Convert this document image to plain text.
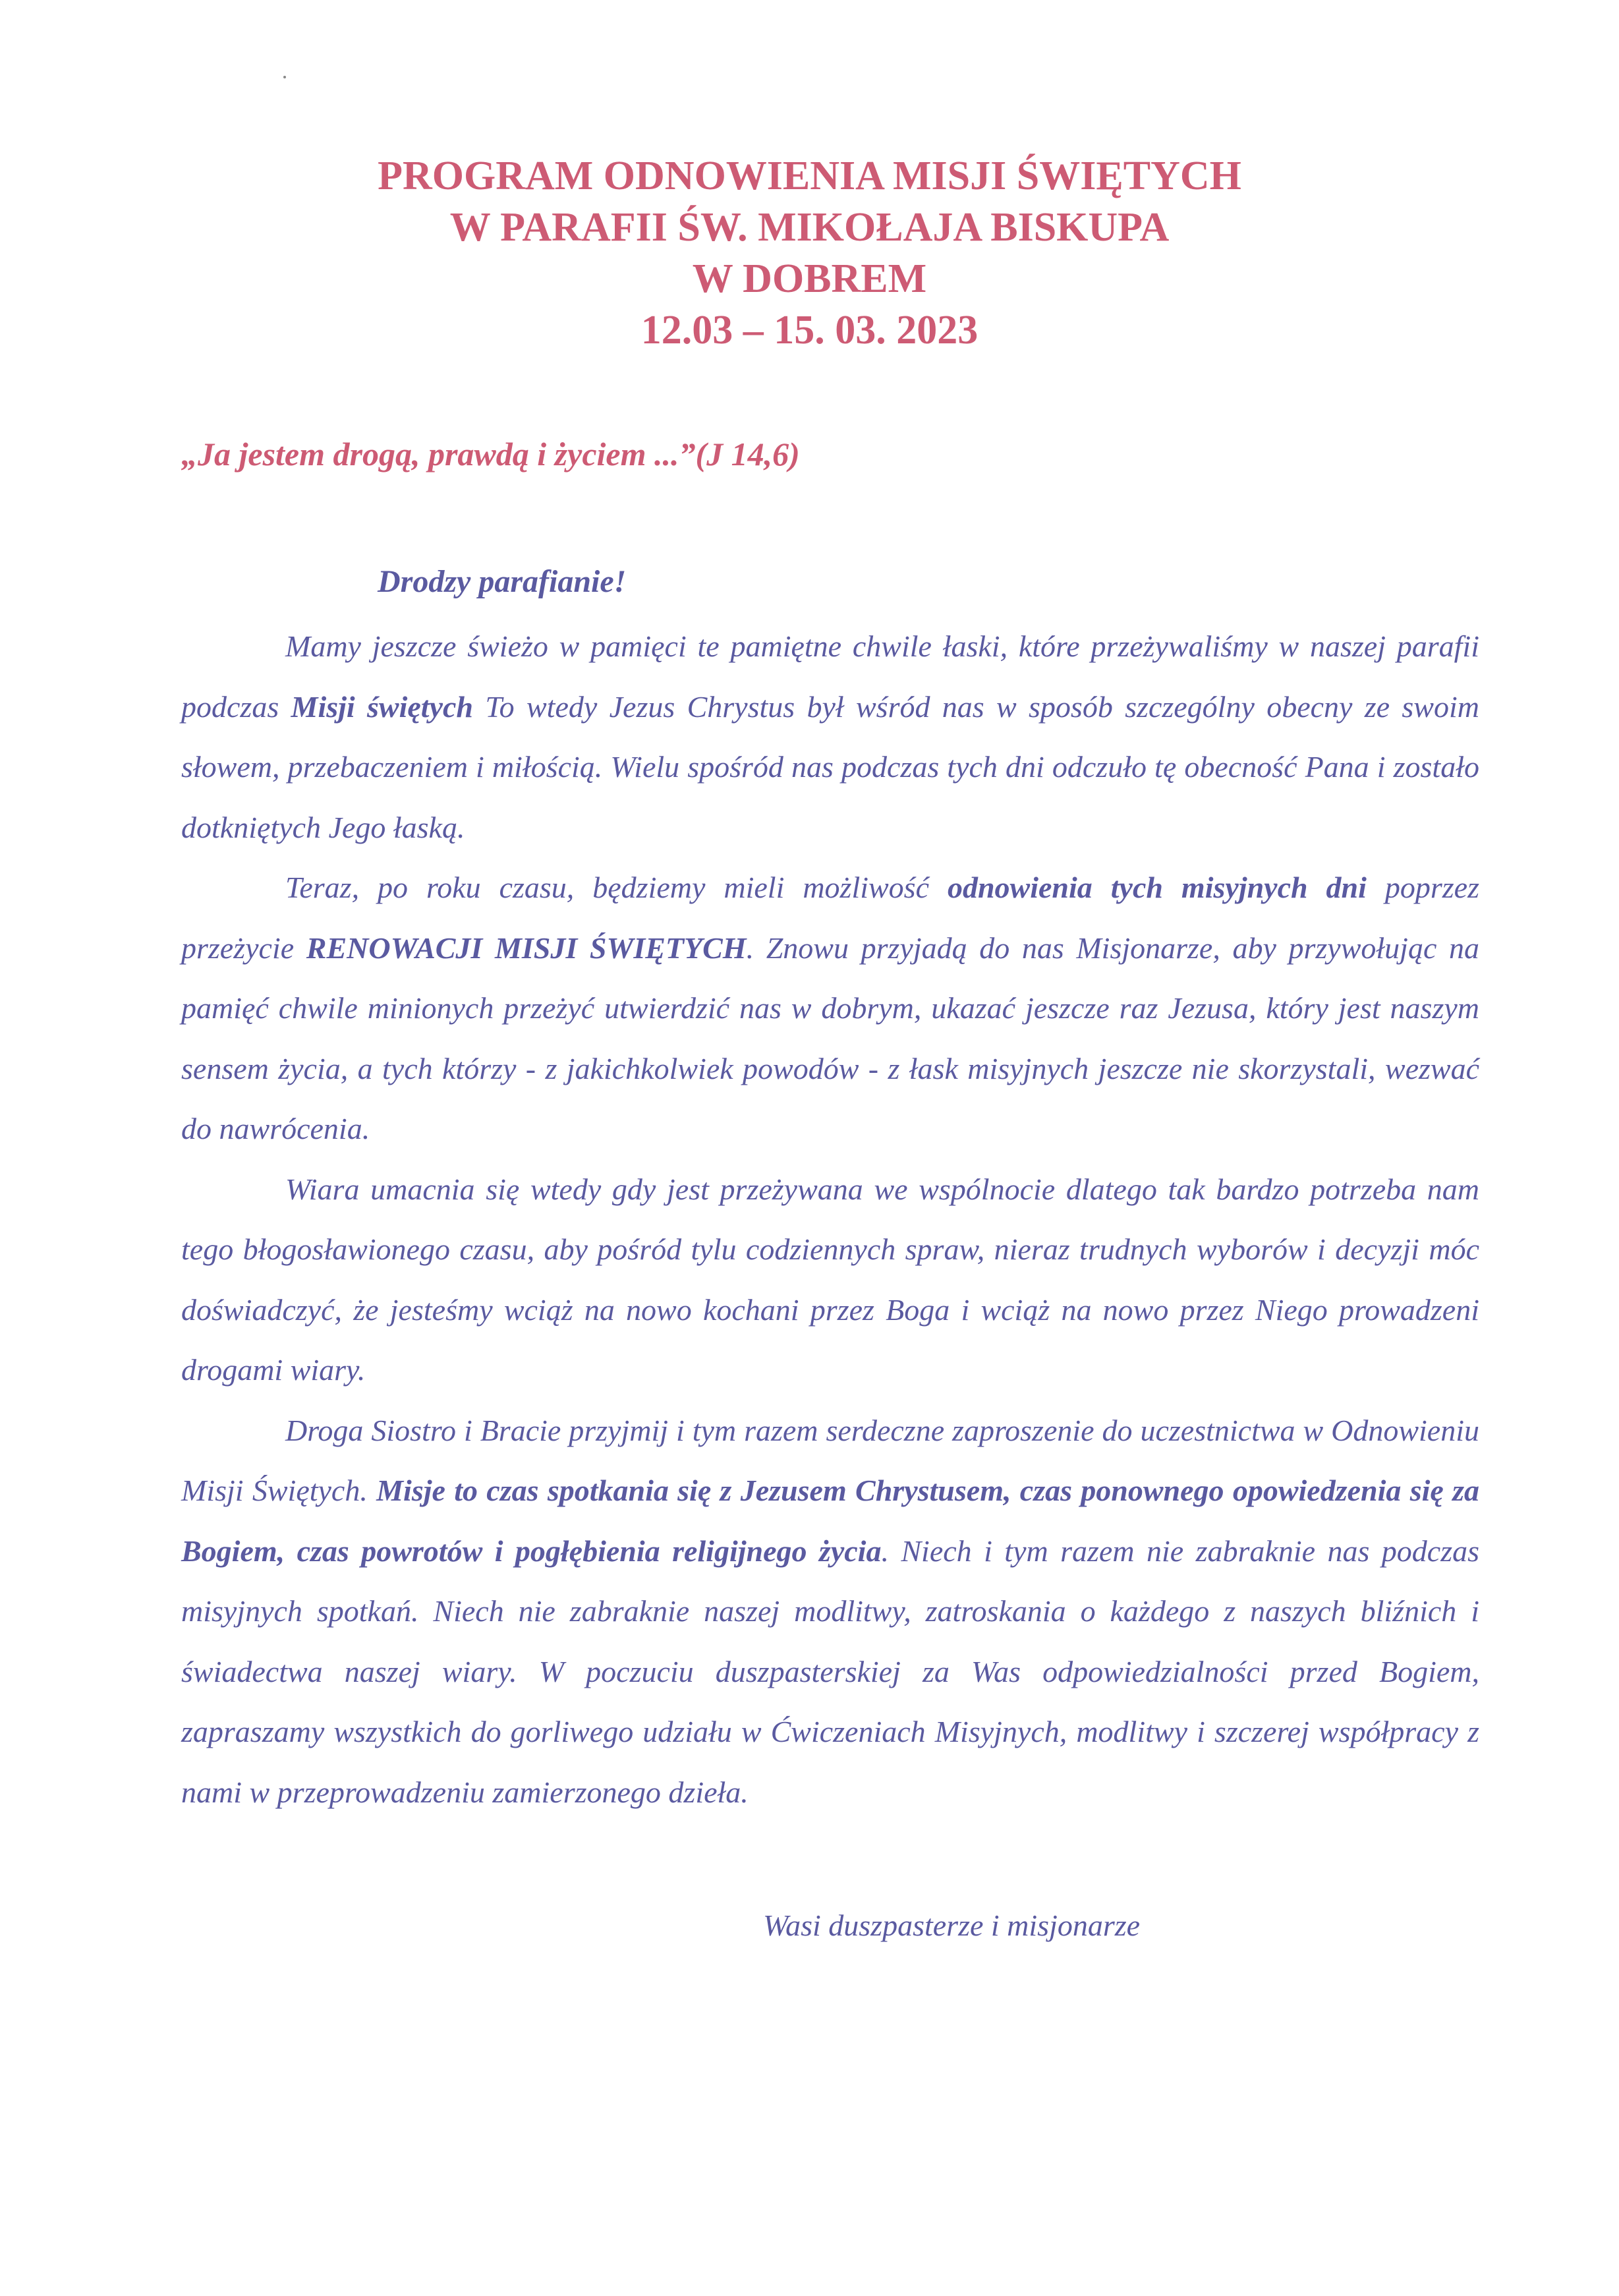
PROGRAM ODNOWIENIA MISJI ŚWIĘTYCH
W PARAFII ŚW. MIKOŁAJA BISKUPA
W DOBREM
12.03 – 15. 03. 2023
„Ja jestem drogą, prawdą i życiem ...”(J 14,6)
Drodzy parafianie!

Mamy jeszcze świeżo w pamięci te pamiętne chwile łaski, które przeżywaliśmy w naszej parafii podczas Misji świętych To wtedy Jezus Chrystus był wśród nas w sposób szczególny obecny ze swoim słowem, przebaczeniem i miłością. Wielu spośród nas podczas tych dni odczuło tę obecność Pana i zostało dotkniętych Jego łaską.

Teraz, po roku czasu, będziemy mieli możliwość odnowienia tych misyjnych dni poprzez przeżycie RENOWACJI MISJI ŚWIĘTYCH. Znowu przyjadą do nas Misjonarze, aby przywołując na pamięć chwile minionych przeżyć utwierdzić nas w dobrym, ukazać jeszcze raz Jezusa, który jest naszym sensem życia, a tych którzy - z jakichkolwiek powodów - z łask misyjnych jeszcze nie skorzystali, wezwać do nawrócenia.

Wiara umacnia się wtedy gdy jest przeżywana we wspólnocie dlatego tak bardzo potrzeba nam tego błogosławionego czasu, aby pośród tylu codziennych spraw, nieraz trudnych wyborów i decyzji móc doświadczyć, że jesteśmy wciąż na nowo kochani przez Boga i wciąż na nowo przez Niego prowadzeni drogami wiary.

Droga Siostro i Bracie przyjmij i tym razem serdeczne zaproszenie do uczestnictwa w Odnowieniu Misji Świętych. Misje to czas spotkania się z Jezusem Chrystusem, czas ponownego opowiedzenia się za Bogiem, czas powrotów i pogłębienia religijnego życia. Niech i tym razem nie zabraknie nas podczas misyjnych spotkań. Niech nie zabraknie naszej modlitwy, zatroskania o każdego z naszych bliźnich i świadectwa naszej wiary. W poczuciu duszpasterskiej za Was odpowiedzialności przed Bogiem, zapraszamy wszystkich do gorliwego udziału w Ćwiczeniach Misyjnych, modlitwy i szczerej współpracy z nami w przeprowadzeniu zamierzonego dzieła.

Wasi duszpasterze i misjonarze
